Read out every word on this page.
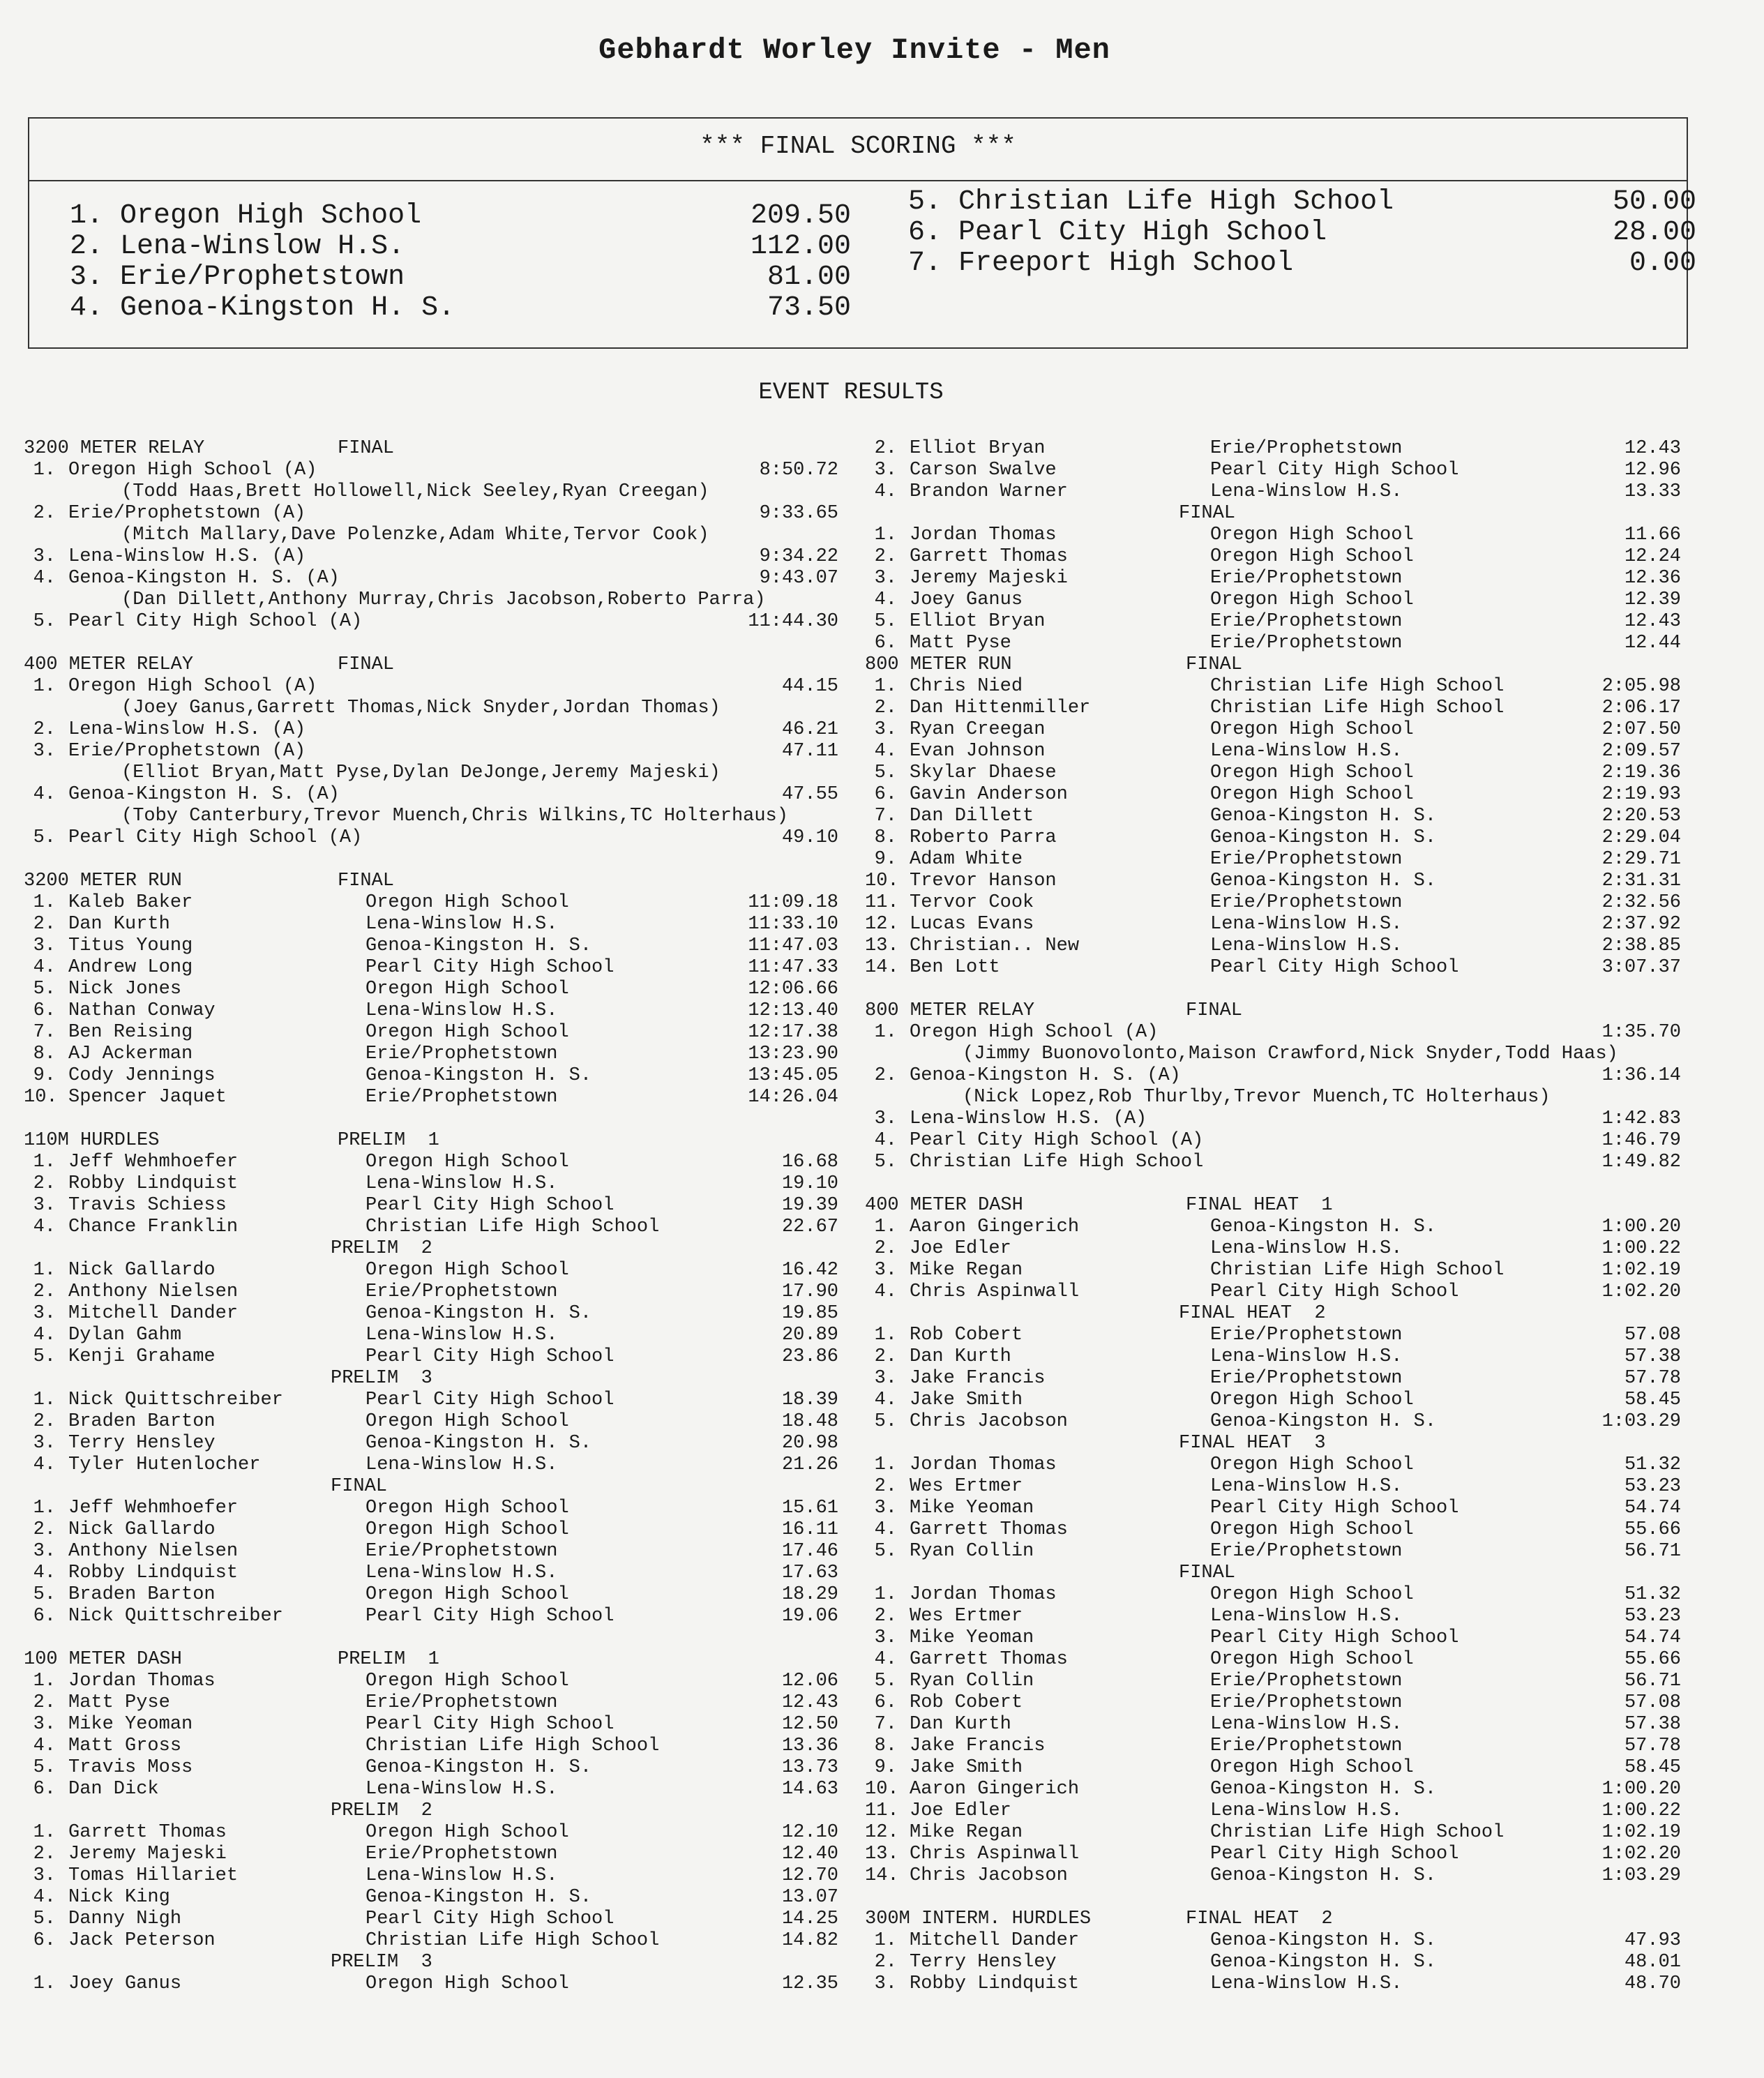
Gebhardt Worley Invite - Men
*** FINAL SCORING ***
1. Oregon High School	209.50
2. Lena-Winslow H.S.	112.00
3. Erie/Prophetstown	81.00
4. Genoa-Kingston H. S.	73.50
5. Christian Life High School	50.00
6. Pearl City High School	28.00
7. Freeport High School	0.00
EVENT RESULTS
3200 METER RELAY	FINAL
1. Oregon High School (A)	8:50.72
(Todd Haas,Brett Hollowell,Nick Seeley,Ryan Creegan)
2. Erie/Prophetstown (A)	9:33.65
(Mitch Mallary,Dave Polenzke,Adam White,Tervor Cook)
3. Lena-Winslow H.S. (A)	9:34.22
4. Genoa-Kingston H. S. (A)	9:43.07
(Dan Dillett,Anthony Murray,Chris Jacobson,Roberto Parra)
5. Pearl City High School (A)	11:44.30
400 METER RELAY	FINAL
1. Oregon High School (A)	44.15
(Joey Ganus,Garrett Thomas,Nick Snyder,Jordan Thomas)
2. Lena-Winslow H.S. (A)	46.21
3. Erie/Prophetstown (A)	47.11
(Elliot Bryan,Matt Pyse,Dylan DeJonge,Jeremy Majeski)
4. Genoa-Kingston H. S. (A)	47.55
(Toby Canterbury,Trevor Muench,Chris Wilkins,TC Holterhaus)
5. Pearl City High School (A)	49.10
3200 METER RUN	FINAL
1. Kaleb Baker	Oregon High School	11:09.18
2. Dan Kurth	Lena-Winslow H.S.	11:33.10
3. Titus Young	Genoa-Kingston H. S.	11:47.03
4. Andrew Long	Pearl City High School	11:47.33
5. Nick Jones	Oregon High School	12:06.66
6. Nathan Conway	Lena-Winslow H.S.	12:13.40
7. Ben Reising	Oregon High School	12:17.38
8. AJ Ackerman	Erie/Prophetstown	13:23.90
9. Cody Jennings	Genoa-Kingston H. S.	13:45.05
10. Spencer Jaquet	Erie/Prophetstown	14:26.04
110M HURDLES	PRELIM  1
1. Jeff Wehmhoefer	Oregon High School	16.68
2. Robby Lindquist	Lena-Winslow H.S.	19.10
3. Travis Schiess	Pearl City High School	19.39
4. Chance Franklin	Christian Life High School	22.67
PRELIM  2
1. Nick Gallardo	Oregon High School	16.42
2. Anthony Nielsen	Erie/Prophetstown	17.90
3. Mitchell Dander	Genoa-Kingston H. S.	19.85
4. Dylan Gahm	Lena-Winslow H.S.	20.89
5. Kenji Grahame	Pearl City High School	23.86
PRELIM  3
1. Nick Quittschreiber	Pearl City High School	18.39
2. Braden Barton	Oregon High School	18.48
3. Terry Hensley	Genoa-Kingston H. S.	20.98
4. Tyler Hutenlocher	Lena-Winslow H.S.	21.26
FINAL
1. Jeff Wehmhoefer	Oregon High School	15.61
2. Nick Gallardo	Oregon High School	16.11
3. Anthony Nielsen	Erie/Prophetstown	17.46
4. Robby Lindquist	Lena-Winslow H.S.	17.63
5. Braden Barton	Oregon High School	18.29
6. Nick Quittschreiber	Pearl City High School	19.06
100 METER DASH	PRELIM  1
1. Jordan Thomas	Oregon High School	12.06
2. Matt Pyse	Erie/Prophetstown	12.43
3. Mike Yeoman	Pearl City High School	12.50
4. Matt Gross	Christian Life High School	13.36
5. Travis Moss	Genoa-Kingston H. S.	13.73
6. Dan Dick	Lena-Winslow H.S.	14.63
PRELIM  2
1. Garrett Thomas	Oregon High School	12.10
2. Jeremy Majeski	Erie/Prophetstown	12.40
3. Tomas Hillariet	Lena-Winslow H.S.	12.70
4. Nick King	Genoa-Kingston H. S.	13.07
5. Danny Nigh	Pearl City High School	14.25
6. Jack Peterson	Christian Life High School	14.82
PRELIM  3
1. Joey Ganus	Oregon High School	12.35
2. Elliot Bryan	Erie/Prophetstown	12.43
3. Carson Swalve	Pearl City High School	12.96
4. Brandon Warner	Lena-Winslow H.S.	13.33
FINAL
1. Jordan Thomas	Oregon High School	11.66
2. Garrett Thomas	Oregon High School	12.24
3. Jeremy Majeski	Erie/Prophetstown	12.36
4. Joey Ganus	Oregon High School	12.39
5. Elliot Bryan	Erie/Prophetstown	12.43
6. Matt Pyse	Erie/Prophetstown	12.44
800 METER RUN	FINAL
1. Chris Nied	Christian Life High School	2:05.98
2. Dan Hittenmiller	Christian Life High School	2:06.17
3. Ryan Creegan	Oregon High School	2:07.50
4. Evan Johnson	Lena-Winslow H.S.	2:09.57
5. Skylar Dhaese	Oregon High School	2:19.36
6. Gavin Anderson	Oregon High School	2:19.93
7. Dan Dillett	Genoa-Kingston H. S.	2:20.53
8. Roberto Parra	Genoa-Kingston H. S.	2:29.04
9. Adam White	Erie/Prophetstown	2:29.71
10. Trevor Hanson	Genoa-Kingston H. S.	2:31.31
11. Tervor Cook	Erie/Prophetstown	2:32.56
12. Lucas Evans	Lena-Winslow H.S.	2:37.92
13. Christian.. New	Lena-Winslow H.S.	2:38.85
14. Ben Lott	Pearl City High School	3:07.37
800 METER RELAY	FINAL
1. Oregon High School (A)	1:35.70
(Jimmy Buonovolonto,Maison Crawford,Nick Snyder,Todd Haas)
2. Genoa-Kingston H. S. (A)	1:36.14
(Nick Lopez,Rob Thurlby,Trevor Muench,TC Holterhaus)
3. Lena-Winslow H.S. (A)	1:42.83
4. Pearl City High School (A)	1:46.79
5. Christian Life High School	1:49.82
400 METER DASH	FINAL HEAT  1
1. Aaron Gingerich	Genoa-Kingston H. S.	1:00.20
2. Joe Edler	Lena-Winslow H.S.	1:00.22
3. Mike Regan	Christian Life High School	1:02.19
4. Chris Aspinwall	Pearl City High School	1:02.20
FINAL HEAT  2
1. Rob Cobert	Erie/Prophetstown	57.08
2. Dan Kurth	Lena-Winslow H.S.	57.38
3. Jake Francis	Erie/Prophetstown	57.78
4. Jake Smith	Oregon High School	58.45
5. Chris Jacobson	Genoa-Kingston H. S.	1:03.29
FINAL HEAT  3
1. Jordan Thomas	Oregon High School	51.32
2. Wes Ertmer	Lena-Winslow H.S.	53.23
3. Mike Yeoman	Pearl City High School	54.74
4. Garrett Thomas	Oregon High School	55.66
5. Ryan Collin	Erie/Prophetstown	56.71
FINAL
1. Jordan Thomas	Oregon High School	51.32
2. Wes Ertmer	Lena-Winslow H.S.	53.23
3. Mike Yeoman	Pearl City High School	54.74
4. Garrett Thomas	Oregon High School	55.66
5. Ryan Collin	Erie/Prophetstown	56.71
6. Rob Cobert	Erie/Prophetstown	57.08
7. Dan Kurth	Lena-Winslow H.S.	57.38
8. Jake Francis	Erie/Prophetstown	57.78
9. Jake Smith	Oregon High School	58.45
10. Aaron Gingerich	Genoa-Kingston H. S.	1:00.20
11. Joe Edler	Lena-Winslow H.S.	1:00.22
12. Mike Regan	Christian Life High School	1:02.19
13. Chris Aspinwall	Pearl City High School	1:02.20
14. Chris Jacobson	Genoa-Kingston H. S.	1:03.29
300M INTERM. HURDLES	FINAL HEAT  2
1. Mitchell Dander	Genoa-Kingston H. S.	47.93
2. Terry Hensley	Genoa-Kingston H. S.	48.01
3. Robby Lindquist	Lena-Winslow H.S.	48.70
